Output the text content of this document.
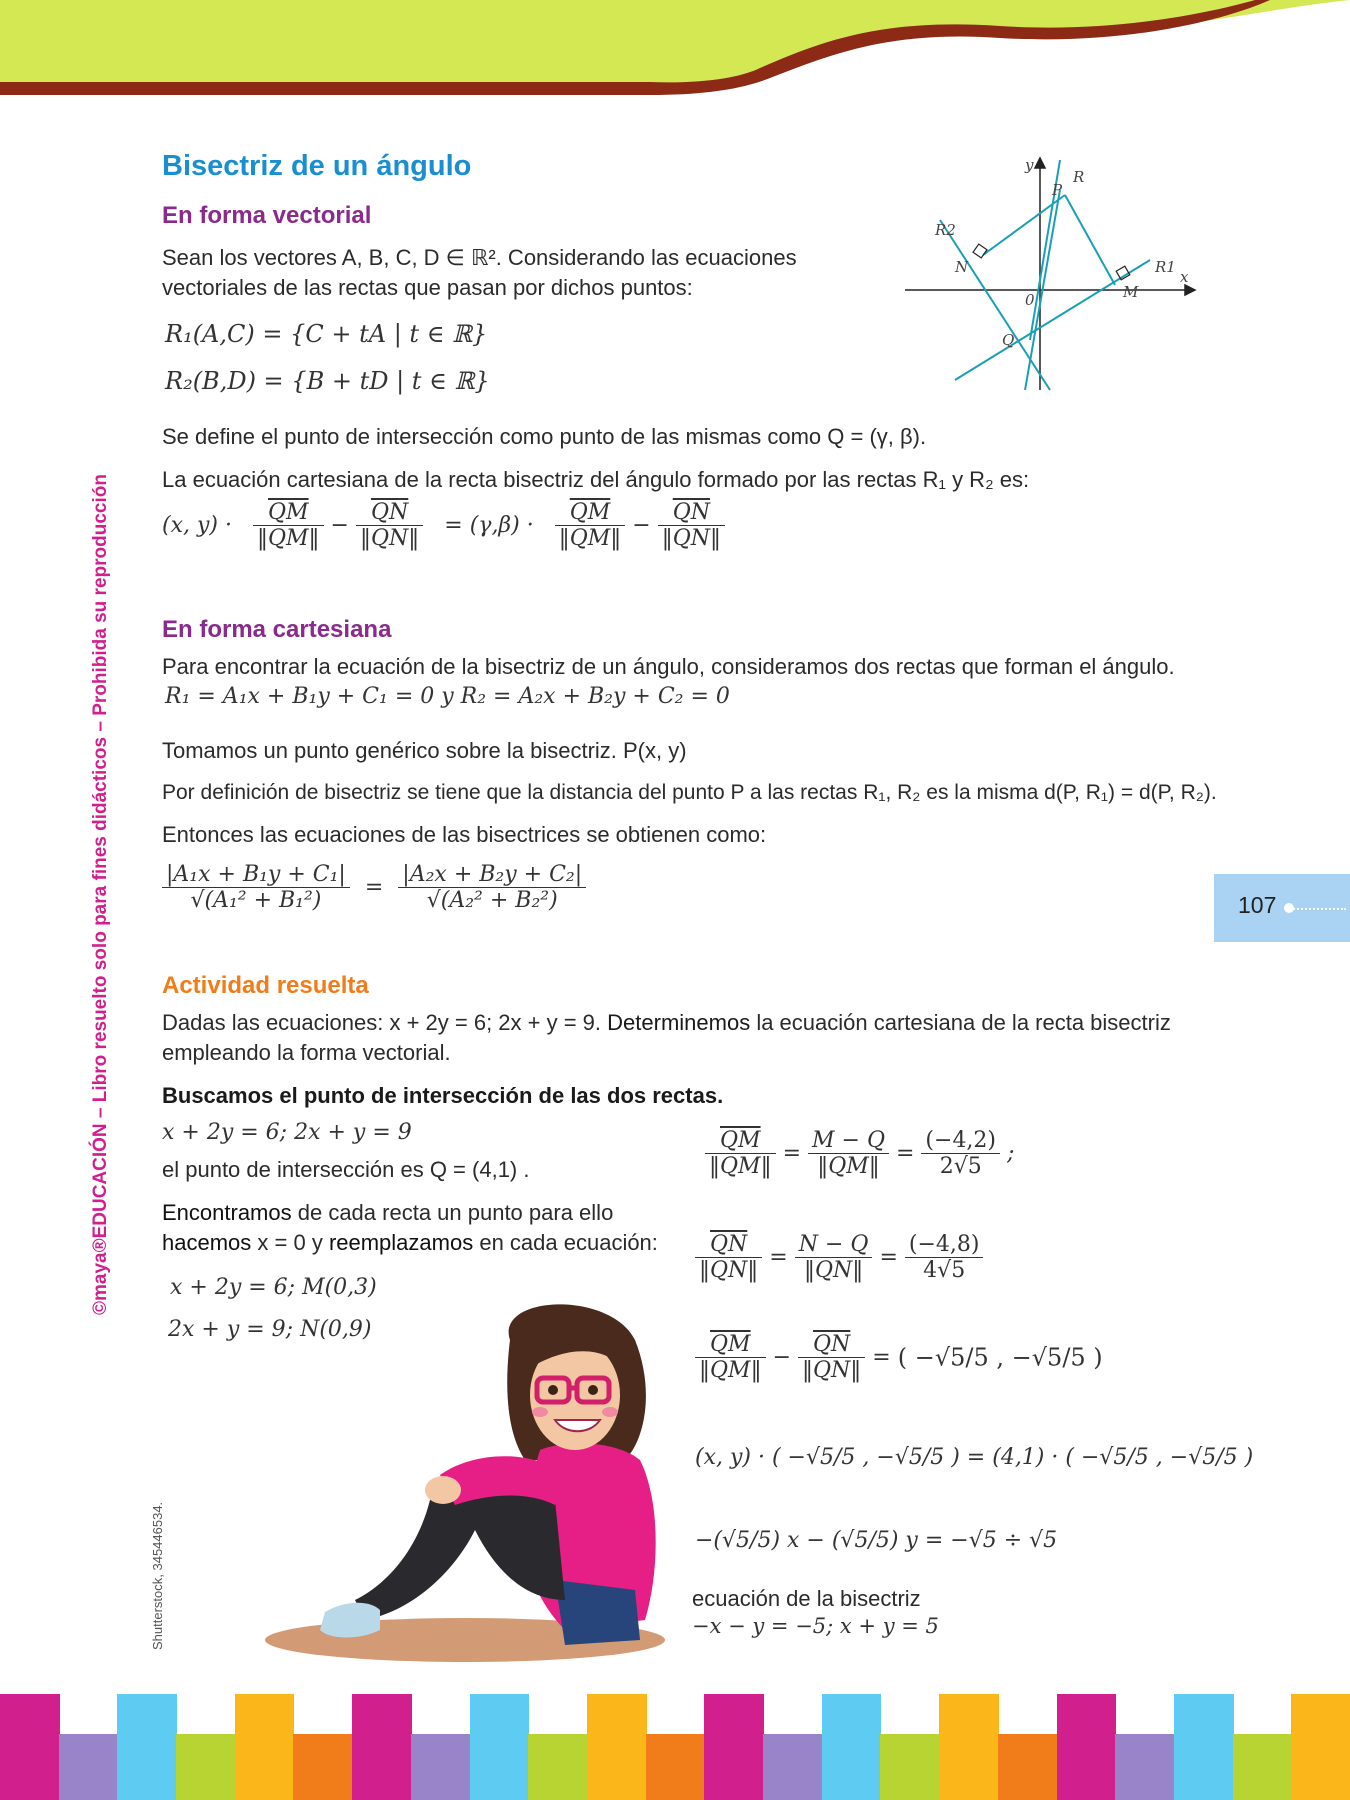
©maya®EDUCACIÓN – Libro resuelto solo para fines didácticos – Prohibida su reproducción
Shutterstock, 345446534.
107
Bisectriz de un ángulo
En forma vectorial
Sean los vectores A, B, C, D ∈ ℝ². Considerando las ecuaciones
vectoriales de las rectas que pasan por dichos puntos:
R₁(A,C) = {C + tA | t ∈ ℝ}
R₂(B,D) = {B + tD | t ∈ ℝ}
Se define el punto de intersección como punto de las mismas como Q = (γ, β).
La ecuación cartesiana de la recta bisectriz del ángulo formado por las rectas R₁ y R₂ es:
(x, $y) \cdot \frac{\overline{QM}}{‖QM‖} - \frac{\overline{QN}}{‖QN‖} = (\gamma,\beta) \cdot \frac{\overline{QM}}{‖QM‖} - \frac{\overline{QN}}{‖QN‖}$
y
R
P
R2
N	R1
x
M
0
Q
En forma cartesiana
Para encontrar la ecuación de la bisectriz de un ángulo, consideramos dos rectas que forman el ángulo.
R₁ = A₁x + B₁y + C₁ = 0 y R₂ = A₂x + B₂y + C₂ = 0
Tomamos un punto genérico sobre la bisectriz. P(x, y)
Por definición de bisectriz se tiene que la distancia del punto P a las rectas R₁, R₂ es la misma d(P, R₁) = d(P, R₂).
Entonces las ecuaciones de las bisectrices se obtienen como:
$\frac{\text{|A₁x + B₁y + C₁|}}{\text{√(A₁² + B₁²)}} = \frac{\text{|A₂x + B₂y + C₂|}}{\text{√(A₂² + B₂²)}}$
Actividad resuelta
Dadas las ecuaciones: x + 2y = 6; 2x + y = 9. Determinemos la ecuación cartesiana de la recta bisectriz
empleando la forma vectorial.
Buscamos el punto de intersección de las dos rectas.
x + 2y = 6; 2x + y = 9
el punto de intersección es Q = (4,1) .
Encontramos de cada recta un punto para ello
hacemos x = 0 y reemplazamos en cada ecuación:
x + 2y = 6; M(0,3)
2x + y = 9; N(0,9)
$\frac{\overline{QM}}{‖QM‖} = \frac{M - Q}{‖QM‖} = \frac{(-4,2)}{2√5}$ ;
$\frac{\overline{QN}}{‖QN‖} = \frac{N - Q}{‖QN‖} = \frac{(-4,8)}{4√5}$
$\frac{\overline{QM}}{‖QM‖} - \frac{\overline{QN}}{‖QN‖}$ = ( −√5/5 , −√5/5 )
(x, y) · ( −√5/5 , −√5/5 ) = (4,1) · ( −√5/5 , −√5/5 )
−(√5/5) x − (√5/5) y = −√5 ÷ √5
ecuación de la bisectriz
−x − y = −5; x + y = 5
